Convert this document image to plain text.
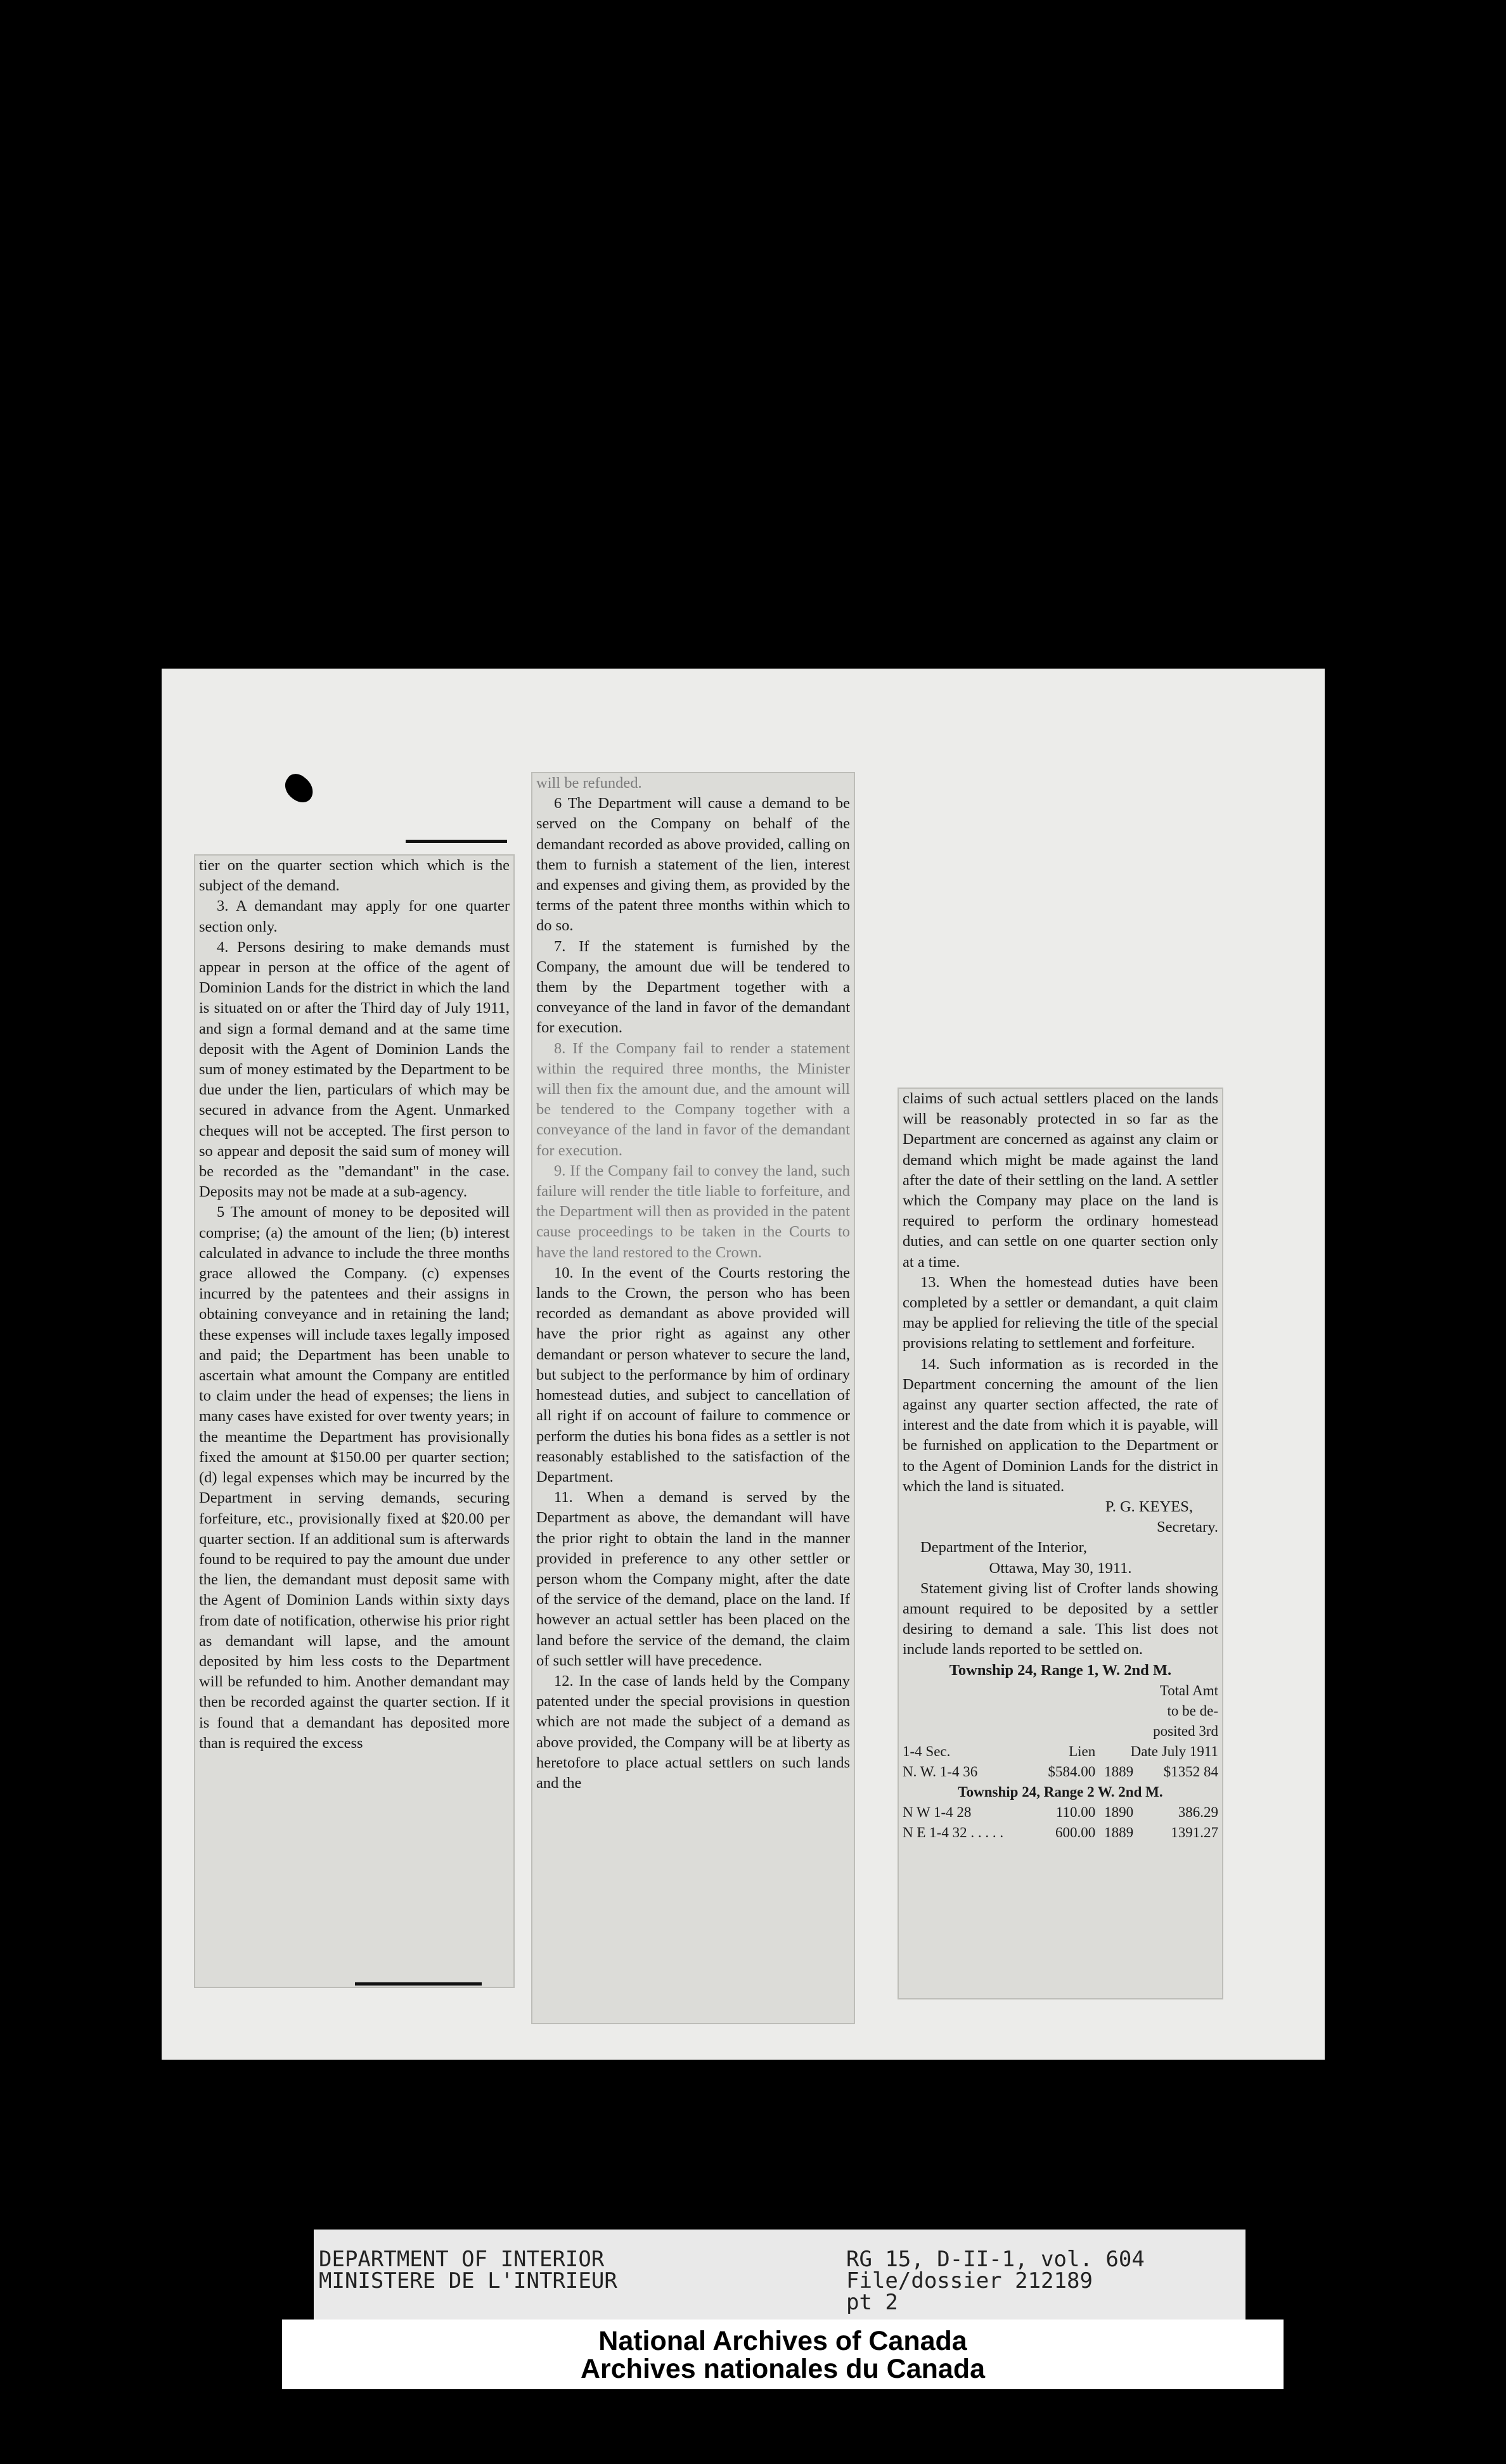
tier on the quarter section which which is the subject of the demand.

3. A demandant may apply for one quarter section only.

4. Persons desiring to make demands must appear in person at the office of the agent of Dominion Lands for the district in which the land is situated on or after the Third day of July 1911, and sign a formal demand and at the same time deposit with the Agent of Dominion Lands the sum of money estimated by the Department to be due under the lien, particulars of which may be secured in advance from the Agent. Unmarked cheques will not be accepted. The first person to so appear and deposit the said sum of money will be recorded as the "demandant" in the case. Deposits may not be made at a sub-agency.

5 The amount of money to be deposited will comprise; (a) the amount of the lien; (b) interest calculated in advance to include the three months grace allowed the Company. (c) expenses incurred by the patentees and their assigns in obtaining conveyance and in retaining the land; these expenses will include taxes legally imposed and paid; the Department has been unable to ascertain what amount the Company are entitled to claim under the head of expenses; the liens in many cases have existed for over twenty years; in the meantime the Department has provisionally fixed the amount at $150.00 per quarter section; (d) legal expenses which may be incurred by the Department in serving demands, securing forfeiture, etc., provisionally fixed at $20.00 per quarter section. If an additional sum is afterwards found to be required to pay the amount due under the lien, the demandant must deposit same with the Agent of Dominion Lands within sixty days from date of notification, otherwise his prior right as demandant will lapse, and the amount deposited by him less costs to the Department will be refunded to him. Another demandant may then be recorded against the quarter section. If it is found that a demandant has deposited more than is required the excess

will be refunded.

6 The Department will cause a demand to be served on the Company on behalf of the demandant recorded as above provided, calling on them to furnish a statement of the lien, interest and expenses and giving them, as provided by the terms of the patent three months within which to do so.

7. If the statement is furnished by the Company, the amount due will be tendered to them by the Department together with a conveyance of the land in favor of the demandant for execution.

8. If the Company fail to render a statement within the required three months, the Minister will then fix the amount due, and the amount will be tendered to the Company together with a conveyance of the land in favor of the demandant for execution.

9. If the Company fail to convey the land, such failure will render the title liable to forfeiture, and the Department will then as provided in the patent cause proceedings to be taken in the Courts to have the land restored to the Crown.

10. In the event of the Courts restoring the lands to the Crown, the person who has been recorded as demandant as above provided will have the prior right as against any other demandant or person whatever to secure the land, but subject to the performance by him of ordinary homestead duties, and subject to cancellation of all right if on account of failure to commence or perform the duties his bona fides as a settler is not reasonably established to the satisfaction of the Department.

11. When a demand is served by the Department as above, the demandant will have the prior right to obtain the land in the manner provided in preference to any other settler or person whom the Company might, after the date of the service of the demand, place on the land. If however an actual settler has been placed on the land before the service of the demand, the claim of such settler will have precedence.

12. In the case of lands held by the Company patented under the special provisions in question which are not made the subject of a demand as above provided, the Company will be at liberty as heretofore to place actual settlers on such lands and the

claims of such actual settlers placed on the lands will be reasonably protected in so far as the Department are concerned as against any claim or demand which might be made against the land after the date of their settling on the land. A settler which the Company may place on the land is required to perform the ordinary homestead duties, and can settle on one quarter section only at a time.

13. When the homestead duties have been completed by a settler or demandant, a quit claim may be applied for relieving the title of the special provisions relating to settlement and forfeiture.

14. Such information as is recorded in the Department concerning the amount of the lien against any quarter section affected, the rate of interest and the date from which it is payable, will be furnished on application to the Department or to the Agent of Dominion Lands for the district in which the land is situated.

P. G. KEYES,

Secretary.

Department of the Interior,

Ottawa, May 30, 1911.

Statement giving list of Crofter lands showing amount required to be deposited by a settler desiring to demand a sale. This list does not include lands reported to be settled on.

Township 24, Range 1, W. 2nd M.

			Total Amt
			to be de-
			posited 3rd
1-4 Sec.	Lien	Date July 1911	
N. W. 1-4 36	$584.00	1889	$1352 84
Township 24, Range 2 W. 2nd M.			
N W 1-4 28	110.00	1890	386.29
N E 1-4 32 . . . . .	600.00	1889	1391.27
DEPARTMENT OF INTERIOR
MINISTERE DE L'INTRIEUR
RG 15, D-II-1, vol. 604
File/dossier 212189
pt 2
National Archives of Canada
Archives nationales du Canada
